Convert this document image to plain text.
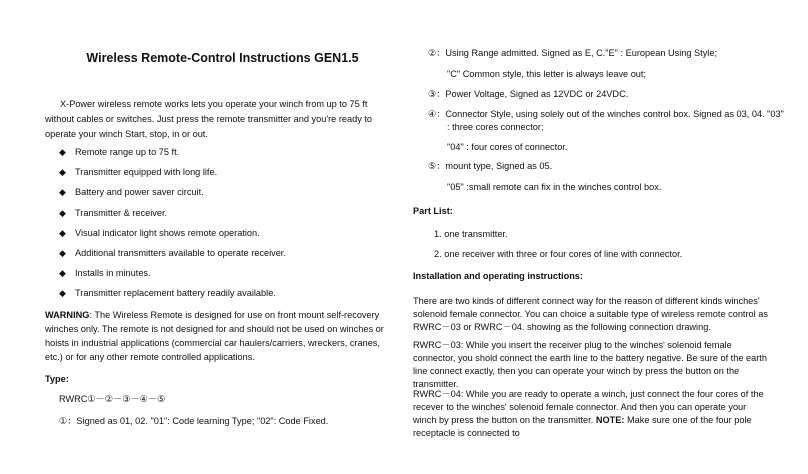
Wireless Remote-Control Instructions GEN1.5
X-Power wireless remote works lets you operate your winch from up to 75 ft without cables or switches. Just press the remote transmitter and you're ready to operate your winch Start, stop, in or out.
◆ Remote range up to 75 ft.
◆ Transmitter equipped with long life.
◆ Battery and power saver circuit.
◆ Transmitter & receiver.
◆ Visual indicator light shows remote operation.
◆ Additional transmitters available to operate receiver.
◆ Installs in minutes.
◆ Transmitter replacement battery readily available.
WARNING: The Wireless Remote is designed for use on front mount self-recovery winches only. The remote is not designed for and should not be used on winches or hoists in industrial applications (commercial car haulers/carriers, wreckers, cranes, etc.) or for any other remote controlled applications.
Type:
RWRC①－②－③－④－⑤
①：Signed as 01, 02. "01": Code learning Type; "02": Code Fixed.
②：Using Range admitted. Signed as E, C."E" : European Using Style;
"C" Common style, this letter is always leave out;
③：Power Voltage, Signed as 12VDC or 24VDC.
④：Connector Style, using solely out of the winches control box. Signed as 03, 04. "03" : three cores connector;
"04" : four cores of connector.
⑤：mount type, Signed as 05.
"05" :small remote can fix in the winches control box.
Part List:
1. one transmitter.
2. one receiver with three or four cores of line with connector.
Installation and operating instructions:
There are two kinds of different connect way for the reason of different kinds winches' solenoid female connector. You can choice a suitable type of wireless remote control as RWRC－03 or RWRC－04. showing as the following connection drawing.
RWRC－03: While you insert the receiver plug to the winches' solenoid female connector, you shold connect the earth line to the battery negative. Be sure of the earth line connect exactly, then you can operate your winch by press the button on the transmitter.
RWRC－04: While you are ready to operate a winch, just connect the four cores of the recever to the winches' solenoid female connector. And then you can operate your winch by press the button on the transmitter. NOTE: Make sure one of the four pole receptacle is connected to
